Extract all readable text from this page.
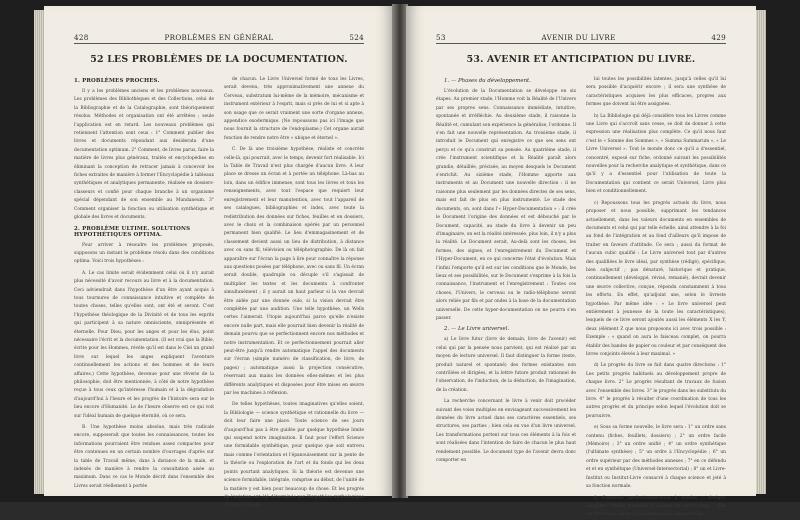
428	PROBLÈMES EN GÉNÉRAL	524
52 LES PROBLÈMES DE LA DOCUMENTATION.
1. PROBLÈMES PROCHES.

Il y a les problèmes anciens et les problèmes nouveaux. Les problèmes des Bibliothèques et des Collections, celui de la Bibliographie et de la Catalographie, sont théoriquement résolus. Méthodes et organisation ont été arrêtées ; seule l'application est en retard. Les nouveaux problèmes qui retiennent l'attention sont ceux : 1° Comment publier des livres et documents répondant aux desiderata d'une documentation optimum. 2° Comment, de livres parus, faire la matière de livres plus généraux, traités et encyclopédies en éliminant la conception de retracer jamais à concevoir les fiches extraites de manière à former l'Encyclopédie à tableaux synthétiques et analytiques permanente, réalisée en dossiers-classeurs et confié pour chaque branche à un organisme spécial dépendant de son ensemble au Mundaneum. 3° Comment organiser la fonction ou utilisation synthétique et globale des livres et documents.

2. PROBLÈME ULTIME. SOLUTIONS HYPOTHÉTIQUES OPTIMA.

Pour arriver à résoudre les problèmes proposés, supposons un instant le problème résolu dans des conditions optima. Voici trois hypothèses :

A. Le cas limite serait évidemment celui où il n'y aurait plus nécessité d'avoir recours au livre et à la documentation. Ceci adviendrait dans l'hypothèse d'un être ayant acquis à tous tournures de connaissance intuitive et complète de toutes choses, telles qu'elles sont, ont été et seront. C'est l'hypothèse théologique de la Divinité et de tous les esprits qui participent à sa nature omnisciente, omniprésente et éternelle. Pour Dieu, pour les anges et pour les élus, point nécessaire l'écrit et la documentation. (Il est vrai que la Bible, écrite pour les Hommes, révèle qu'il est dans le Ciel un grand livre sur lequel les anges expliquent l'aventure continuellement les actions et des hommes et de leurs affaires.) Cette hypothèse, devenue pour une rêverie de la philosophie, doit être mentionnée, à côté de notre hypothèse reçue à tous ceux qu'intéresse l'humain et à la dégradation d'aujourd'hui à l'heure et les progrès de l'histoire sera sur le lieu encore d'Humanité. Le de l'heure observe est ce qui voit sur l'idéal humain de quelque éternité, où ce sera.

B. Une hypothèse moins absolue, mais très radicale encore, supposerait que toutes les connaissances, toutes les informations pourraient être rendues assez compactes pour être contenues en un certain nombre d'ouvrages d'après sur la table de Travail même, dans à distance de la main, et indexés de manière à rendre la consultation aisée au maximum. Dans ce cas le Monde décrit dans l'ensemble des Livres serait réellement à portée

de chacun. Le Livre Universel formé de tous les Livres, serait devenu, très approximativement une annexe du Cerveau, substratum lui-même de la mémoire, mécanisme et instrument extérieur à l'esprit, mais si près de lui et si apte à son usage que ce serait vraiment une sorte d'organe annexe, appendice exodermique. (Ne repoussons pas ici l'image que nous fournit la structure de l'endoplasme.) Cet organe aurait fonction de rendre notre être « ubique et éternel ».

C. De là une troisième hypothèse, réaliste et concrète celle-là, qui pourrait, avec le temps, devenir fort réalisable. Ici la Table de Travail n'est plus chargée d'aucun livre. A leur place se dresse un écran et à portée un téléphone. Là-bas au loin, dans un édifice immense, sont tous les livres et tous les renseignements, avec tout l'espace que requiert leur enregistrement et leur manutention, avec tout l'appareil de ses catalogues, bibliographies et index, avec toute la redistribution des données sur fiches, feuilles et en dossiers, avec le choix et la combinaison opérés par un personnel permanent bien qualifié. Le lieu d'emmagasinement et de classement devient aussi un lieu de distribution, à distance avec ou sans fil, télévision ou téléphotographie. De là on fait apparaître sur l'écran la page à lire pour connaître la réponse aux questions posées par téléphone, avec ou sans fil. Un écran serait double, quadruple ou décuple s'il s'agissait de multiplier les textes et les documents à confronter simultanément ; il y aurait un haut parleur si la vue devrait être aidée par une donnée ouïe, si la vision devrait être complétée par une audition. Une telle hypothèse, un Wells certes l'aimerait. Utopie aujourd'hui parce qu'elle n'existe encore nulle part, mais elle pourrait bien devenir la réalité de demain pourvu que se perfectionnent encore nos méthodes et notre instrumentation. Et ce perfectionnement pourrait aller peut-être jusqu'à rendre automatique l'appel des documents sur l'écran (simple numéro de classification, de livre, de pages) ; automatique aussi la projection consécutive, réservant aux mains les données elles-mêmes et les plus différents analytiques et disposées pour être mises en œuvre par les machines à réflexion.

De telles hypothèses, toutes imaginatives qu'elles soient, la Bibliologie — science synthétique et rationnelle du livre — doit leur faire une place. Toute science de ses jours d'aujourd'hui pas à être guidée par quelque hypothèse limite qui suspend notre imagination. Il faut pour l'effort Science une formidable synthétique, pour quelque que soit entrevu mais comme l'orientation et l'épanouissement sur la pente de la théorie ou l'exploration de l'art et du fonds qui les deux points pourtant analytiques. Si la théorie est devenue une science formidable, intégrale, comprise au début, de l'unité de la matière y est bien pour beaucoup de chose. Et les progrès de l'aviation ont été déterminés par l'hypothèse mythologique d'Icare le Volant.

53	AVENIR DU LIVRE	429
53. AVENIR ET ANTICIPATION DU LIVRE.
1. — Phases du développement.

L'évolution de la Documentation se développe en six étapes. Au premier stade, l'Homme voit la Réalité de l'Univers par ses propres sens. Connaissance immédiate, intuitive, spontanée et irréfléchie. Au deuxième stade, il raisonne la Réalité et, cumulant son expérience la généralise, l'ordonne. Il s'en fait une nouvelle représentation. Au troisième stade, il introduit le Document qui enregistre ce que ses sens ont perçu et ce qu'a construit sa pensée. Au quatrième stade, il crée l'instrument scientifique et la Réalité paraît alors grandie, détaillée, précisée, au moyen desquels le Document s'enrichit. Au sixième stade, l'Homme apporte aux instruments et au Document une nouvelle direction : il ne raisonne plus seulement par les données directes de ses sens, mais est fait de plus en plus instrumenté. Le stade des documents, on, sont dans l'« Hyper-Documentation » : il crée le Document l'origine des données et est débouché par le Document, capacité, au stade du livre à devenir un peu d'imaginaire, on est la réalité intéressée, plus loin, il n'y a plus la réalité. Le Document serait, Au-delà sont les choses, les formes, des signes, et l'enregistrement du Document et l'Hyper-Document, en ce qui concerne l'état d'évolution. Mais l'infini l'emporte qu'il est sur les conditions que le Monde, les lieux et ses possibilités, sur le Document s'exprime à la fois la connaissance, l'instrument et l'enregistrement : Toutes ces choses, l'Univers, le cerveau ou le radio-téléphone seront alors reliés par fils et par ondes à la base de la documentation universelle. De cette hyper-documentation on ne pourra s'en passer.

2. — Le Livre universel.

a) Le livre futur (livre de demain, livre de l'avenir) est celui qui par la pensée nous parvient, qui est réalisé par un moyen de lecture universel. Il faut distinguer la forme (texte, produit naturel et spontané) des formes existantes non contrôlées et dirigées, et la lettre future produit rationnel de l'observation, de l'induction, de la déduction, de l'imagination, de la création.

La recherche concernant le livre à venir doit procéder suivant des voies multiples en envisageant successivement les données du livre actuel dans ses caractères essentiels, ses structures, ses parties ; bien cela en vue d'un livre universel. Les transformations portent sur tous ces éléments à la fois et sont réalisées dans l'intention de faire de chacun le plus haut rendement possible. Le document type de l'avenir devra donc comporter en

lui toutes les possibilités latentes, jusqu'à celles qu'il lui sera possible d'acquérir encore ; il sera une synthèse de caractéristiques acquises les plus efficaces, propres aux formes que doivent lui être assignées.

b) La Bibliologie qui déjà considère tous les Livres comme une Livre qui s'accroît sans cesse, se doit de donner à cette expression une réalisation plus complète. Ce qu'il nous faut c'est le « Somme des Sommes », « Summa Summarum », « Le Livre Universel ». Tout le monde donc ce qu'il a d'essentiel, concentré, exposé sur fiche, ordonné suivant les possibilités nouvelles pour la recherche analytique et synthétique, dans ce qu'il y a d'essentiel pour l'utilisation de toute la Documentation qui contient ce serait Universel, Livre plus bien et conditionnellement.

c) Repoussons tous les progrès actuels du livre, nous proposer et nous possible, supprimant les tendances actuellement, dans les valeurs documents en ensembles de documents et celui qui par telle échelle, ainsi attendre à la foi au fond de l'intégration et au fond d'ailleurs qu'il impose de traiter en faveurs d'attitude. Ce sera ; aussi du format de l'aucun cubic qualifié : Le Livre universel tout par d'autres des qualifiées le livre idéal, par synthèse (rédigé), spécifique, bien subjectif ; pas dénaturé, historique et pratique, continuellement (développé, révisé, remanié), devrait devenir une œuvre collective, conçue, répondu constamment à tous les efforts. En effet, qu'adjoint une, selon le livreste hypothèse. Par même idée : « Le livre universel peut entièrement à jeunesse de la toute les caractéristiques), lesquels de ce livre seront ajoutés aussi les éléments X les Y, deux (élément Z que nous proposons ici avec trois possible : Exemple : « quand on aura le faisceau complet, on pourra établir des bandes de papier ou couleur et par conséquent des livres conjoints élevés à leur maximal. »

d) Le progrès du livre se fait dans quatre directions : 1° Les petits progrès habituels au développement propre de chaque livre. 2° Le progrès résultant de travaux de fusion avec l'ensemble des livres. 3° le progrès dans les substituts du livre. 4° le progrès à résulter d'une coordination de tous les autres progrès et du principe selon lequel l'évolution doit se poursuivre.

e) Sous sa forme nouvelle, le livre sera : 1° un ordre sans contenu (fiches, feuillets, dossiers) ; 2° un ordre facile (Mémoire) ; 3° un ordre unifié ; 4° un ordre synthétique (l'ultimate synthèse) ; 5° un ordre à l'Encyclopédie ; 6° un ordre supérieur par des méthodes annexes ; 7° en ce défendu et et en synthétique (Universel-Intersectorial) ; 8° un et Livre-Institut ou Institut-Livre consacré à chaque science et jeté à sa fonction normale.

f) Comment perfectionner-nous à rendre ; abréger, simplifier, rendre maniable la science de notre temps ? Elle est devenue si vaste qu'elle menace de dissoudre les
